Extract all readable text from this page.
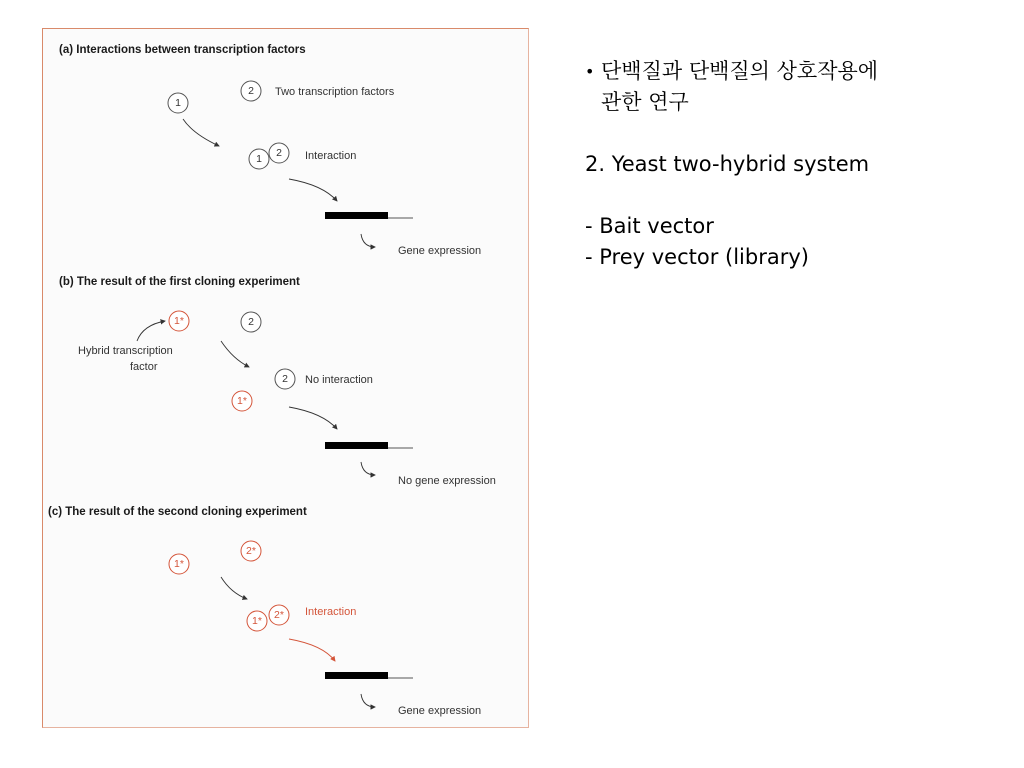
(a) Interactions between transcription factors
1
2 Two transcription factors
1 2 Interaction
Gene expression
(b) The result of the first cloning experiment
1*
Hybrid transcription
factor
2
1*
2 No interaction
No gene expression
(c) The result of the second cloning experiment
1*
2*
1* 2* Interaction
Gene expression
• 단백질과 단백질의 상호작용에
관한 연구
2. Yeast two-hybrid system
- Bait vector
- Prey vector (library)
